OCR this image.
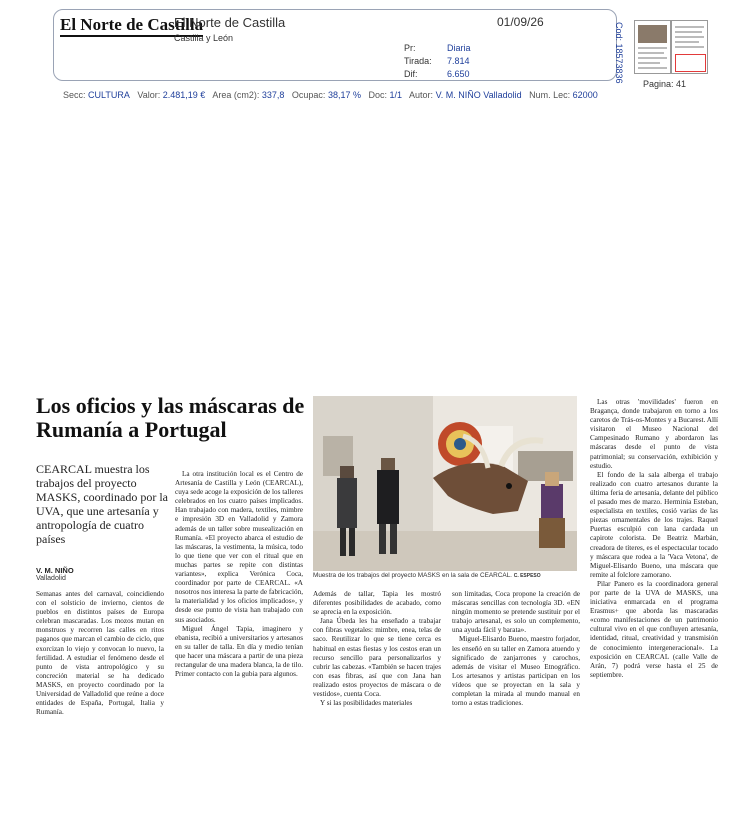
El Norte de Castilla
El Norte de Castilla
Castilla y León
01/09/26
Pr:	Diaria
Tirada: 7.814
Dif:	6.650	Cod: 18573836
Pagina: 41
Secc: CULTURA Valor: 2.481,19 € Area (cm2): 337,8 Ocupac: 38,17 % Doc: 1/1 Autor: V. M. NIÑO Valladolid Num. Lec: 62000
Los oficios y las máscaras de Rumanía a Portugal
CEARCAL muestra los trabajos del proyecto MASKS, coordinado por la UVA, que une artesanía y antropología de cuatro países
V. M. NIÑO
Valladolid

Semanas antes del carnaval, coincidiendo con el solsticio de invierno, cientos de pueblos en distintos países de Europa celebran mascaradas. Los mozos mutan en monstruos y recorren las calles en ritos paganos que marcan el cambio de ciclo, que exorcizan lo viejo y convocan lo nuevo, la fertilidad. A estudiar el fenómeno desde el punto de vista antropológico y su concreción material se ha dedicado MASKS, en proyecto coordinado por la Universidad de Valladolid que reúne a doce entidades de España, Portugal, Italia y Rumanía.

La otra institución local es el Centro de Artesanía de Castilla y León (CEARCAL), cuya sede acoge la exposición de los talleres celebrados en los cuatro países implicados. Han trabajado con madera, textiles, mimbre e impresión 3D en Valladolid y Zamora además de un taller sobre musealización en Rumanía. «El proyecto abarca el estudio de las máscaras, la vestimenta, la música, todo lo que tiene que ver con el ritual que en muchas partes se repite con distintas variantes», explica Verónica Coca, coordinador por parte de CEARCAL. «A nosotros nos interesa la parte de fabricación, la materialidad y los oficios implicados», y desde ese punto de vista han trabajado con sus asociados.

Miguel Ángel Tapia, imaginero y ebanista, recibió a universitarios y artesanos en su taller de talla. En día y medio tenían que hacer una máscara a partir de una pieza rectangular de una madera blanca, la de tilo. Primer contacto con la gubia para algunos.

Muestra de los trabajos del proyecto MASKS en la sala de CEARCAL. C. ESPESO

Además de tallar, Tapia les mostró diferentes posibilidades de acabado, como se aprecia en la exposición.

Jana Úbeda les ha enseñado a trabajar con fibras vegetales: mimbre, enea, telas de saco. Reutilizar lo que se tiene cerca es habitual en estas fiestas y los cestos eran un recurso sencillo para personalizarlos y cubrir las cabezas. «También se hacen trajes con esas fibras, así que con Jana han realizado estos proyectos de máscara o de vestidos», cuenta Coca.

Y si las posibilidades materiales

son limitadas, Coca propone la creación de máscaras sencillas con tecnología 3D. «EN ningún momento se pretende sustituir por el trabajo artesanal, es solo un complemento, una ayuda fácil y barata».

Miguel-Elisardo Bueno, maestro forjador, les enseñó en su taller en Zamora atuendo y significado de zanjarrones y carochos, además de visitar el Museo Etnográfico. Los artesanos y artistas participan en los vídeos que se proyectan en la sala y completan la mirada al mundo manual en torno a estas tradiciones.

Las otras 'movilidades' fueron en Bragança, donde trabajaron en torno a los caretos de Trás-os-Montes y a Bucarest. Allí visitaron el Museo Nacional del Campesinado Rumano y abordaron las máscaras desde el punto de vista patrimonial; su conservación, exhibición y estudio.

El fondo de la sala alberga el trabajo realizado con cuatro artesanos durante la última feria de artesanía, delante del público el pasado mes de marzo. Herminia Esteban, especialista en textiles, cosió varias de las piezas ornamentales de los trajes. Raquel Puertas esculpió con lana cardada un capirote colorista. De Beatriz Marbán, creadora de títeres, es el espectacular tocado y máscara que rodea a la 'Vaca Vetona', de Miguel-Elisardo Bueno, una máscara que remite al folclore zamorano.

Pilar Panero es la coordinadora general por parte de la UVA de MASKS, una iniciativa enmarcada en el programa Erasmus+ que aborda las mascaradas «como manifestaciones de un patrimonio cultural vivo en el que confluyen artesanía, identidad, ritual, creatividad y transmisión de conocimiento intergeneracional». La exposición en CEARCAL (calle Valle de Arán, 7) podrá verse hasta el 25 de septiembre.
